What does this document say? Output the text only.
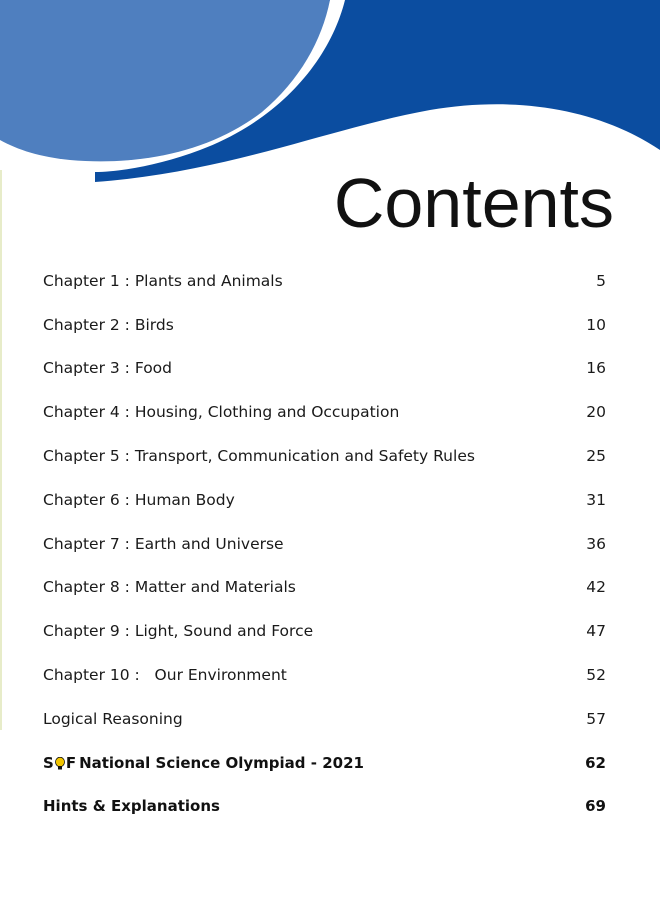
Contents
Chapter 1 : Plants and Animals	5
Chapter 2 : Birds	10
Chapter 3 : Food	16
Chapter 4 : Housing, Clothing and Occupation	20
Chapter 5 : Transport, Communication and Safety Rules	25
Chapter 6 : Human Body	31
Chapter 7 : Earth and Universe	36
Chapter 8 : Matter and Materials	42
Chapter 9 : Light, Sound and Force	47
Chapter 10 :   Our Environment	52
Logical Reasoning	57
S F National Science Olympiad - 2021	62
Hints & Explanations	69
